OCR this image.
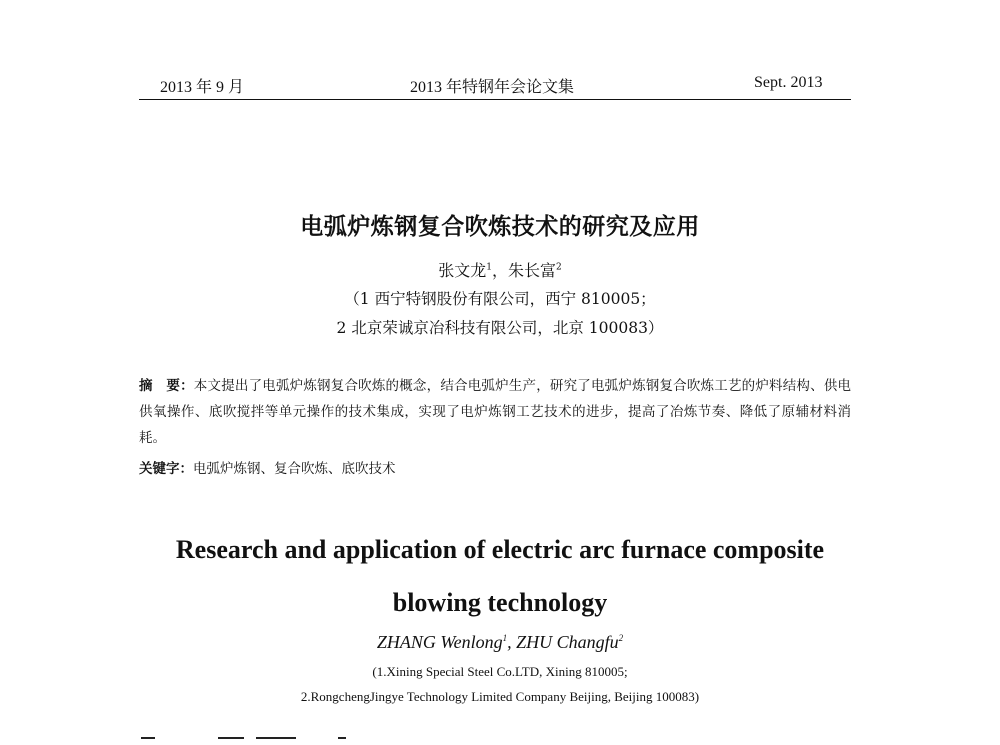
2013 年 9 月	2013 年特钢年会论文集	Sept. 2013
电弧炉炼钢复合吹炼技术的研究及应用
张文龙$^1$，朱长富$^2$
（1 西宁特钢股份有限公司，西宁 810005；
2 北京荣诚京冶科技有限公司，北京 100083）
摘　要：本文提出了电弧炉炼钢复合吹炼的概念，结合电弧炉生产，研究了电弧炉炼钢复合吹炼工艺的炉料结构、供电供氧操作、底吹搅拌等单元操作的技术集成，实现了电炉炼钢工艺技术的进步，提高了冶炼节奏、降低了原辅材料消耗。
关键字：电弧炉炼钢、复合吹炼、底吹技术
Research and application of electric arc furnace composite
blowing technology
ZHANG Wenlong$^1$, ZHU Changfu$^2$
(1.Xining Special Steel Co.LTD, Xining 810005;
2.RongchengJingye Technology Limited Company Beijing, Beijing 100083)
